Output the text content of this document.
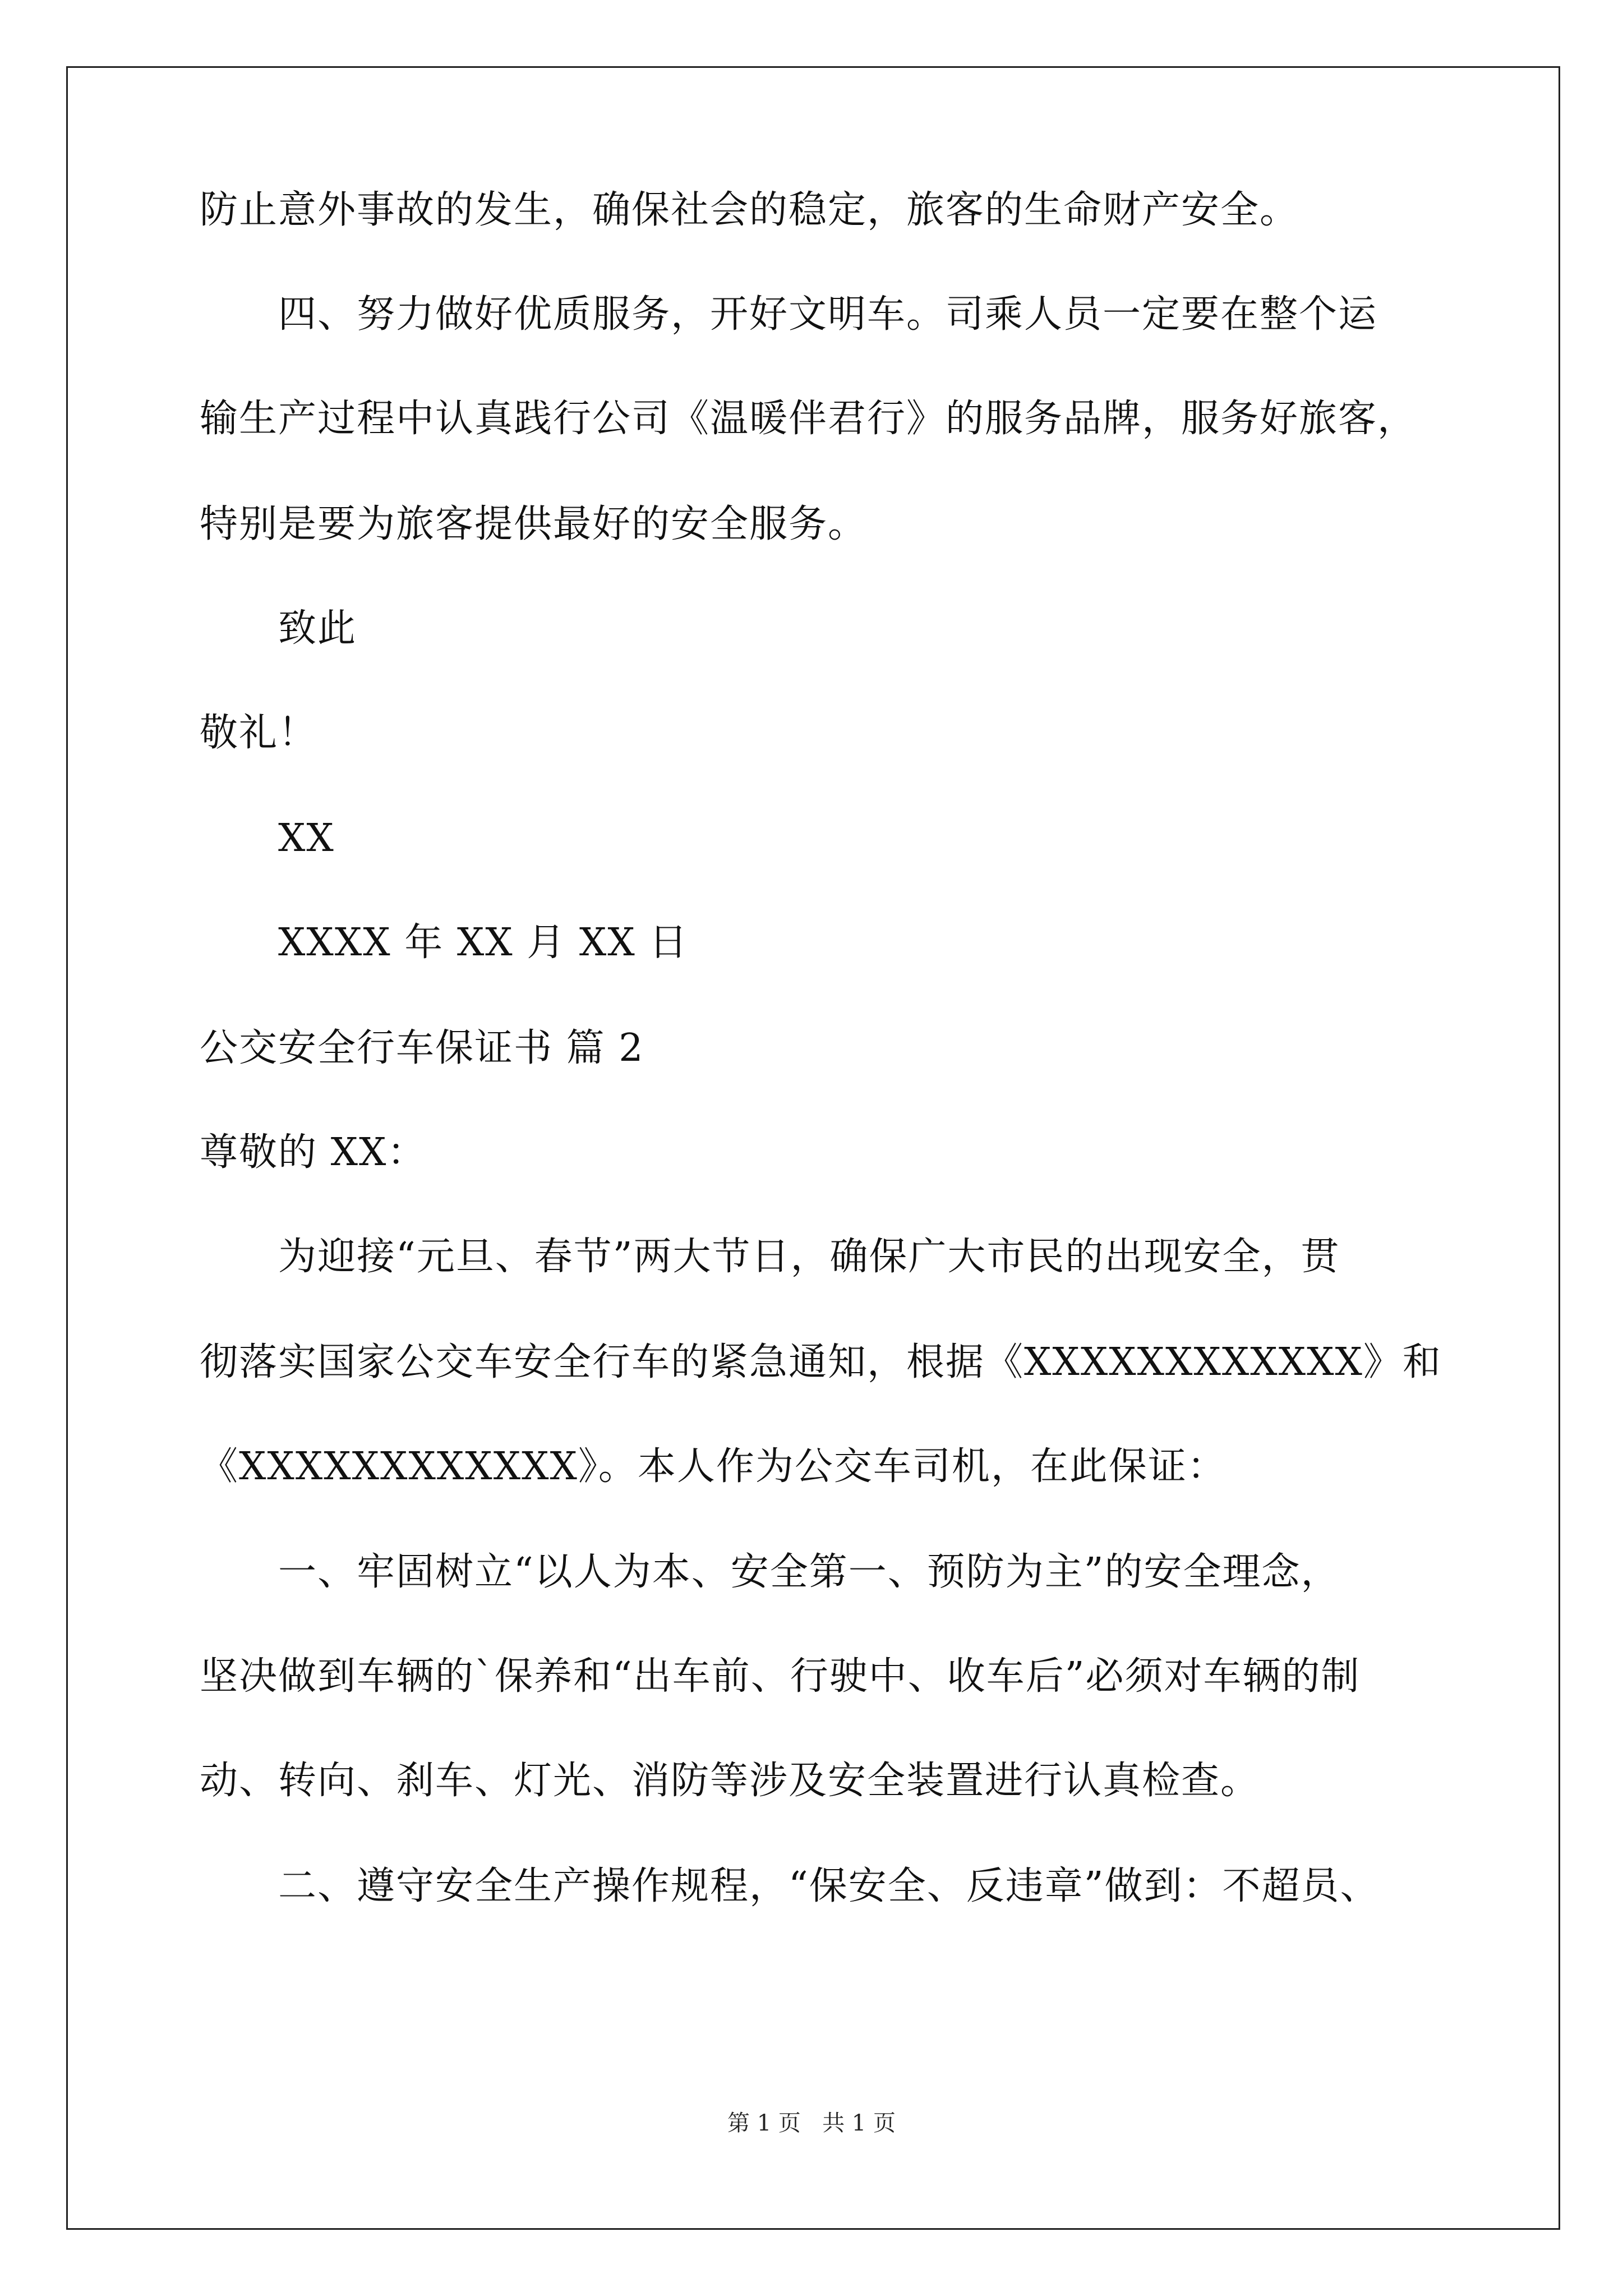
防止意外事故的发生，确保社会的稳定，旅客的生命财产安全。
四、努力做好优质服务，开好文明车。司乘人员一定要在整个运
输生产过程中认真践行公司《温暖伴君行》的服务品牌，服务好旅客，
特别是要为旅客提供最好的安全服务。
致此
敬礼！
XX
XXXX 年 XX 月 XX 日
公交安全行车保证书 篇 2
尊敬的 XX：
为迎接“元旦、春节”两大节日，确保广大市民的出现安全，贯
彻落实国家公交车安全行车的紧急通知，根据《XXXXXXXXXXXX》和
《XXXXXXXXXXXX》。本人作为公交车司机，在此保证：
一、牢固树立“以人为本、安全第一、预防为主”的安全理念，
坚决做到车辆的`保养和“出车前、行驶中、收车后”必须对车辆的制
动、转向、刹车、灯光、消防等涉及安全装置进行认真检查。
二、遵守安全生产操作规程，“保安全、反违章”做到：不超员、
第 1 页   共 1 页
